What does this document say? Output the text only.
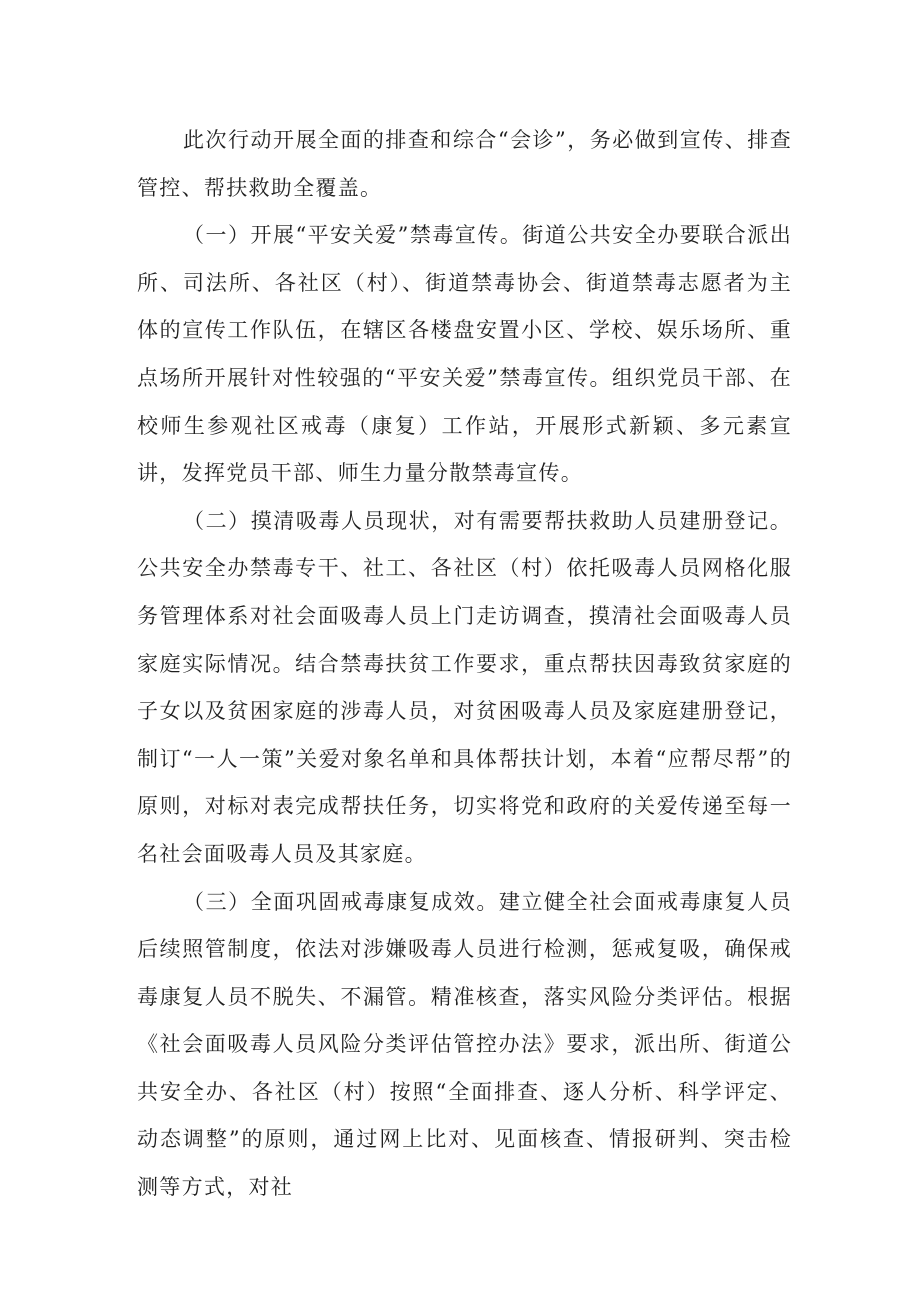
此次行动开展全面的排查和综合“会诊”，务必做到宣传、排查管控、帮扶救助全覆盖。

（一）开展“平安关爱”禁毒宣传。街道公共安全办要联合派出所、司法所、各社区（村）、街道禁毒协会、街道禁毒志愿者为主体的宣传工作队伍，在辖区各楼盘安置小区、学校、娱乐场所、重点场所开展针对性较强的“平安关爱”禁毒宣传。组织党员干部、在校师生参观社区戒毒（康复）工作站，开展形式新颖、多元素宣讲，发挥党员干部、师生力量分散禁毒宣传。

（二）摸清吸毒人员现状，对有需要帮扶救助人员建册登记。公共安全办禁毒专干、社工、各社区（村）依托吸毒人员网格化服务管理体系对社会面吸毒人员上门走访调查，摸清社会面吸毒人员家庭实际情况。结合禁毒扶贫工作要求，重点帮扶因毒致贫家庭的子女以及贫困家庭的涉毒人员，对贫困吸毒人员及家庭建册登记，制订“一人一策”关爱对象名单和具体帮扶计划，本着“应帮尽帮”的原则，对标对表完成帮扶任务，切实将党和政府的关爱传递至每一名社会面吸毒人员及其家庭。

（三）全面巩固戒毒康复成效。建立健全社会面戒毒康复人员后续照管制度，依法对涉嫌吸毒人员进行检测，惩戒复吸，确保戒毒康复人员不脱失、不漏管。精准核查，落实风险分类评估。根据《社会面吸毒人员风险分类评估管控办法》要求，派出所、街道公共安全办、各社区（村）按照“全面排查、逐人分析、科学评定、动态调整”的原则，通过网上比对、见面核查、情报研判、突击检测等方式，对社
